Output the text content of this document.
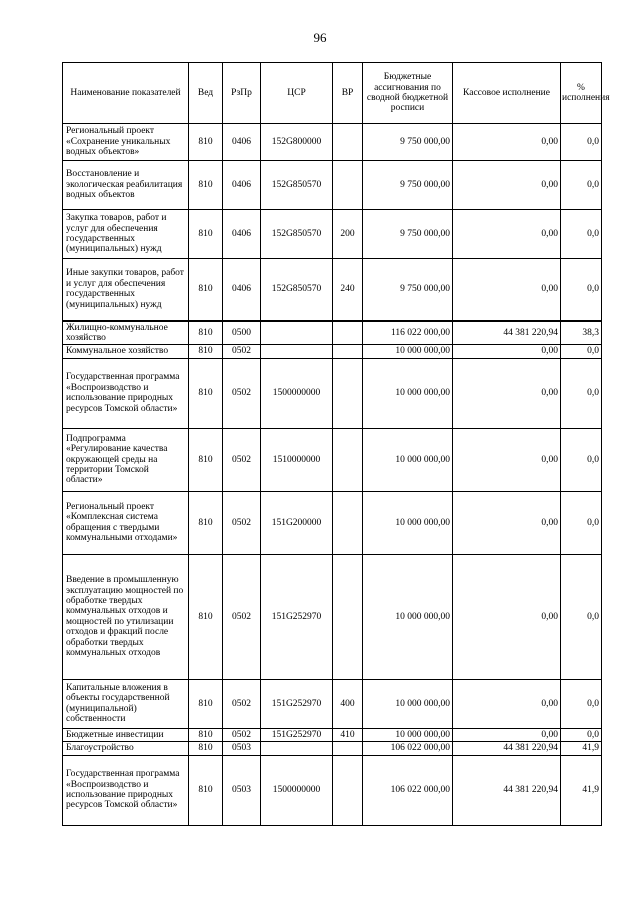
96
Наименование показателей	Вед	РзПр	ЦСР	ВР	Бюджетные ассигнования по сводной бюджетной росписи	Кассовое исполнение	% исполнения
Региональный проект «Сохранение уникальных водных объектов»	810	0406	152G800000		9 750 000,00	0,00	0,0
Восстановление и экологическая реабилитация водных объектов	810	0406	152G850570		9 750 000,00	0,00	0,0
Закупка товаров, работ и услуг для обеспечения государственных (муниципальных) нужд	810	0406	152G850570	200	9 750 000,00	0,00	0,0
Иные закупки товаров, работ и услуг для обеспечения государственных (муниципальных) нужд	810	0406	152G850570	240	9 750 000,00	0,00	0,0
Жилищно-коммунальное хозяйство	810	0500			116 022 000,00	44 381 220,94	38,3
Коммунальное хозяйство	810	0502			10 000 000,00	0,00	0,0
Государственная программа «Воспроизводство и использование природных ресурсов Томской области»	810	0502	1500000000		10 000 000,00	0,00	0,0
Подпрограмма «Регулирование качества окружающей среды на территории Томской области»	810	0502	1510000000		10 000 000,00	0,00	0,0
Региональный проект «Комплексная система обращения с твердыми коммунальными отходами»	810	0502	151G200000		10 000 000,00	0,00	0,0
Введение в промышленную эксплуатацию мощностей по обработке твердых коммунальных отходов и мощностей по утилизации отходов и фракций после обработки твердых коммунальных отходов	810	0502	151G252970		10 000 000,00	0,00	0,0
Капитальные вложения в объекты государственной (муниципальной) собственности	810	0502	151G252970	400	10 000 000,00	0,00	0,0
Бюджетные инвестиции	810	0502	151G252970	410	10 000 000,00	0,00	0,0
Благоустройство	810	0503			106 022 000,00	44 381 220,94	41,9
Государственная программа «Воспроизводство и использование природных ресурсов Томской области»	810	0503	1500000000		106 022 000,00	44 381 220,94	41,9
